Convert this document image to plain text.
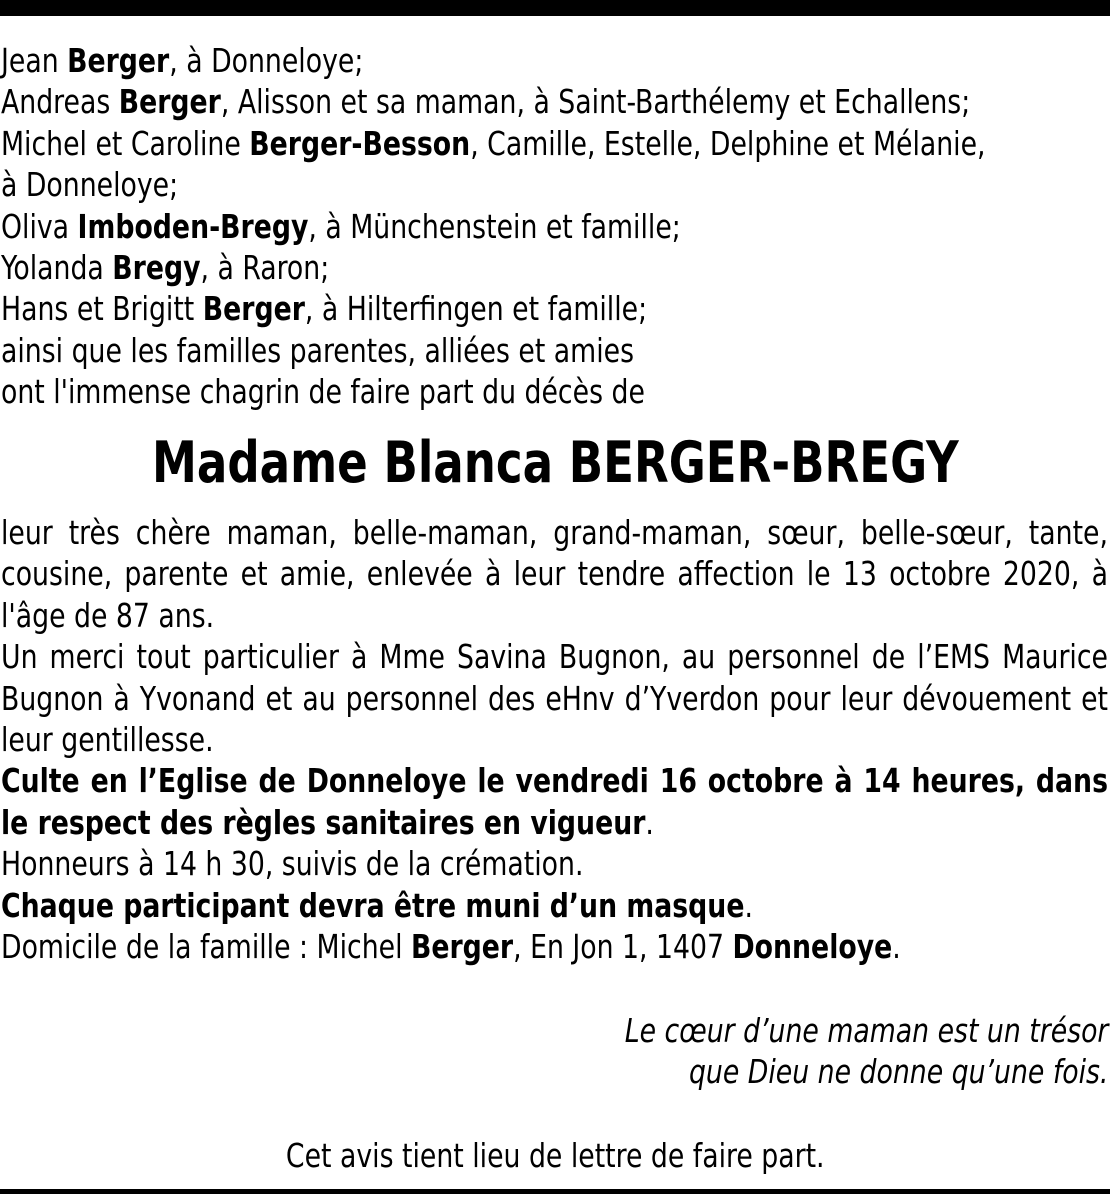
Jean Berger, à Donneloye;
Andreas Berger, Alisson et sa maman, à Saint-Barthélemy et Echallens;
Michel et Caroline Berger-Besson, Camille, Estelle, Delphine et Mélanie,
à Donneloye;
Oliva Imboden-Bregy, à Münchenstein et famille;
Yolanda Bregy, à Raron;
Hans et Brigitt Berger, à Hilterfingen et famille;
ainsi que les familles parentes, alliées et amies
ont l'immense chagrin de faire part du décès de
Madame Blanca BERGER-BREGY
leur très chère maman, belle-maman, grand-maman, sœur, belle-sœur, tante, cousine, parente et amie, enlevée à leur tendre affection le 13 octobre 2020, à l'âge de 87 ans.
Un merci tout particulier à Mme Savina Bugnon, au personnel de l’EMS Maurice Bugnon à Yvonand et au personnel des eHnv d’Yverdon pour leur dévouement et leur gentillesse.
Culte en l’Eglise de Donneloye le vendredi 16 octobre à 14 heures, dans le respect des règles sanitaires en vigueur.
Honneurs à 14 h 30, suivis de la crémation.
Chaque participant devra être muni d’un masque.
Domicile de la famille : Michel Berger, En Jon 1, 1407 Donneloye.
Le cœur d’une maman est un trésor
que Dieu ne donne qu’une fois.
Cet avis tient lieu de lettre de faire part.
